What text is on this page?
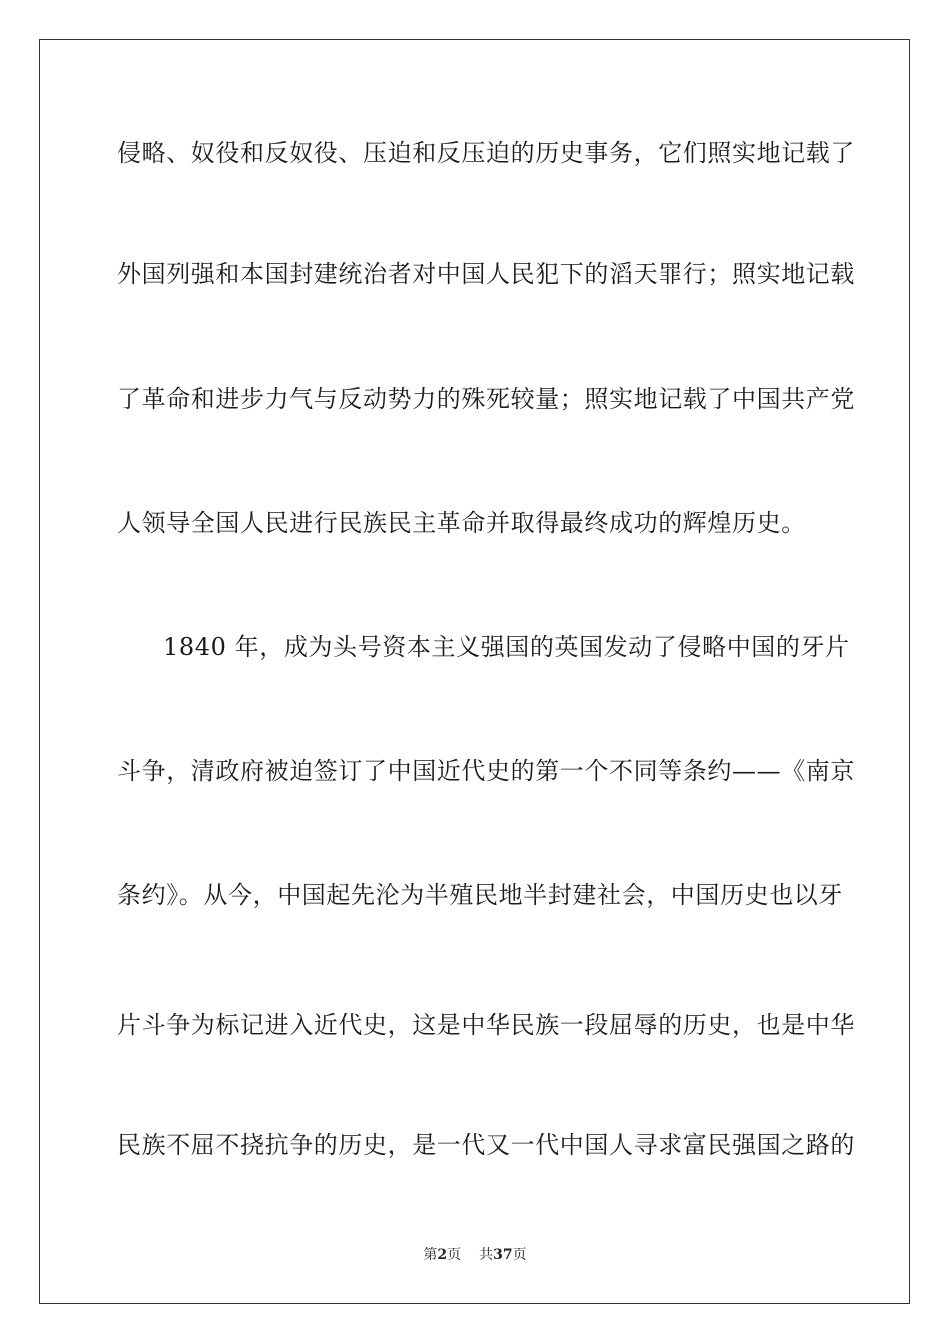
侵略、奴役和反奴役、压迫和反压迫的历史事务，它们照实地记载了
外国列强和本国封建统治者对中国人民犯下的滔天罪行；照实地记载
了革命和进步力气与反动势力的殊死较量；照实地记载了中国共产党
人领导全国人民进行民族民主革命并取得最终成功的辉煌历史。
1840 年，成为头号资本主义强国的英国发动了侵略中国的牙片
斗争，清政府被迫签订了中国近代史的第一个不同等条约——《南京
条约》。从今，中国起先沦为半殖民地半封建社会，中国历史也以牙
片斗争为标记进入近代史，这是中华民族一段屈辱的历史，也是中华
民族不屈不挠抗争的历史，是一代又一代中国人寻求富民强国之路的
第2页 共37页
